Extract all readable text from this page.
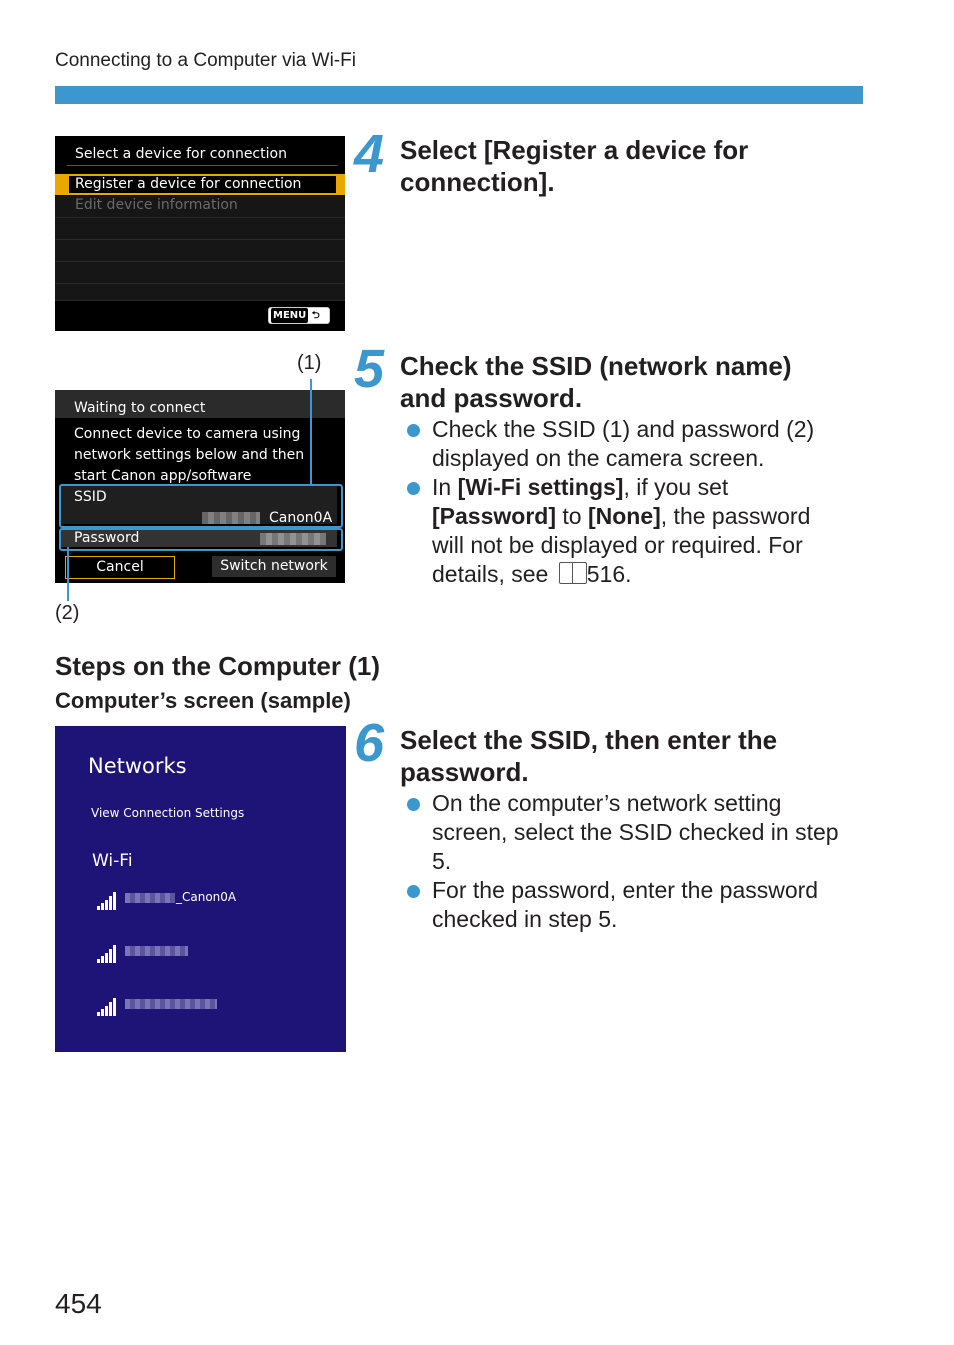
Connecting to a Computer via Wi-Fi
Select a device for connection
Register a device for connection
Edit device information
MENU ⮌
4 Select [Register a device for
connection].
5 Check the SSID (network name)
and password.
Check the SSID (1) and password (2)
displayed on the camera screen.
In [Wi-Fi settings], if you set
[Password] to [None], the password
will not be displayed or required. For
details, see 516.
Waiting to connect
Connect device to camera using
network settings below and then
start Canon app/software
SSID
Canon0A
Password
Cancel	Switch network
(1)
(2)
Steps on the Computer (1)
Computer’s screen (sample)
Networks
View Connection Settings
Wi-Fi
_Canon0A
6 Select the SSID, then enter the
password.
On the computer’s network setting
screen, select the SSID checked in step
5.
For the password, enter the password
checked in step 5.
454
